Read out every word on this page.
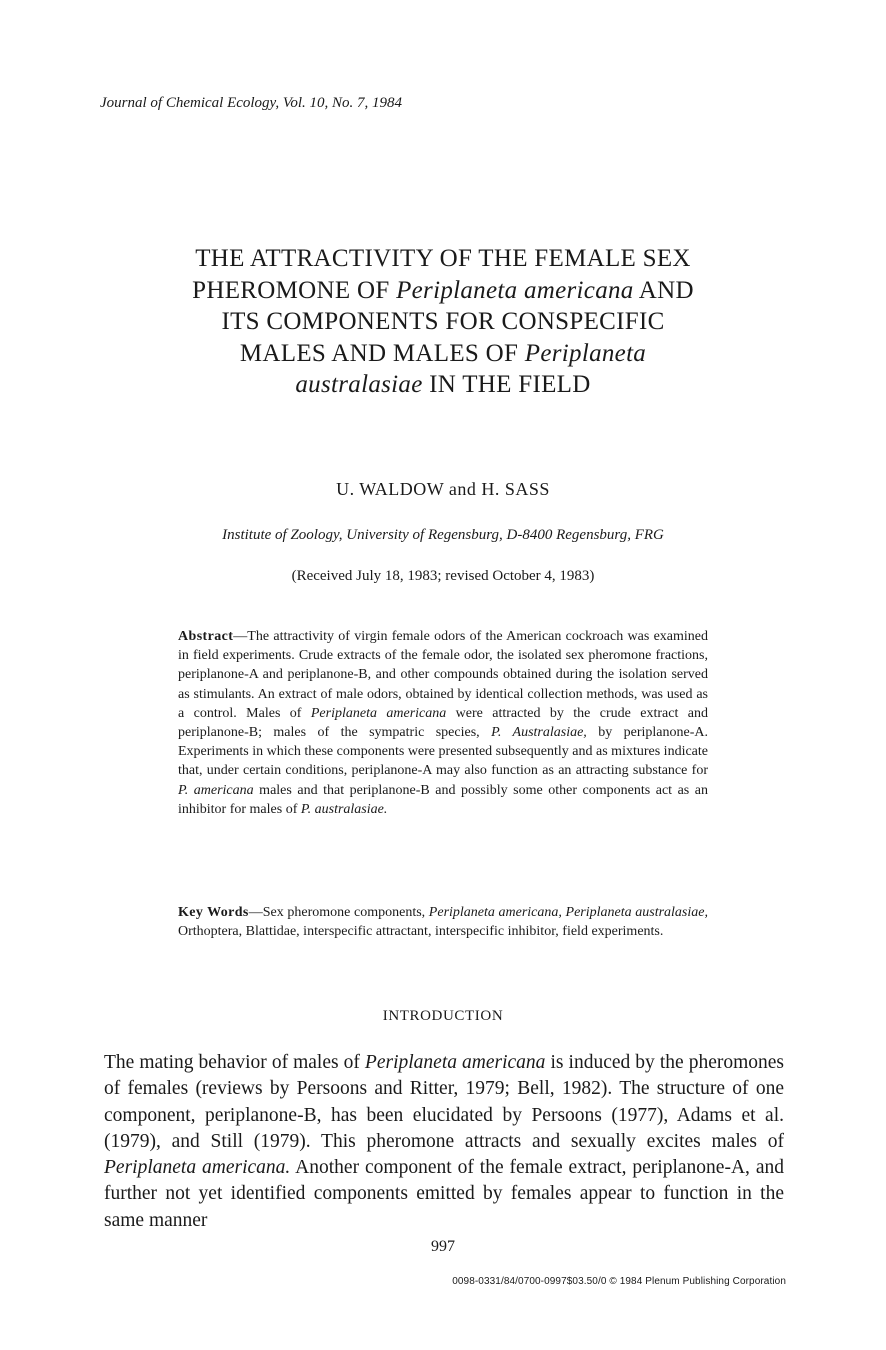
Journal of Chemical Ecology, Vol. 10, No. 7, 1984
THE ATTRACTIVITY OF THE FEMALE SEX
PHEROMONE OF Periplaneta americana AND
ITS COMPONENTS FOR CONSPECIFIC
MALES AND MALES OF Periplaneta
australasiae IN THE FIELD
U. WALDOW and H. SASS
Institute of Zoology, University of Regensburg, D-8400 Regensburg, FRG
(Received July 18, 1983; revised October 4, 1983)

Abstract—The attractivity of virgin female odors of the American cockroach was examined in field experiments. Crude extracts of the female odor, the isolated sex pheromone fractions, periplanone-A and periplanone-B, and other compounds obtained during the isolation served as stimulants. An extract of male odors, obtained by identical collection methods, was used as a control. Males of Periplaneta americana were attracted by the crude extract and periplanone-B; males of the sympatric species, P. Australasiae, by periplanone-A. Experiments in which these components were presented subsequently and as mixtures indicate that, under certain conditions, periplanone-A may also function as an attracting substance for P. americana males and that periplanone-B and possibly some other components act as an inhibitor for males of P. australasiae.

Key Words—Sex pheromone components, Periplaneta americana, Periplaneta australasiae, Orthoptera, Blattidae, interspecific attractant, interspecific inhibitor, field experiments.

INTRODUCTION

The mating behavior of males of Periplaneta americana is induced by the pheromones of females (reviews by Persoons and Ritter, 1979; Bell, 1982). The structure of one component, periplanone-B, has been elucidated by Persoons (1977), Adams et al. (1979), and Still (1979). This pheromone attracts and sexually excites males of Periplaneta americana. Another component of the female extract, periplanone-A, and further not yet identified components emitted by females appear to function in the same manner

997
0098-0331/84/0700-0997$03.50/0 © 1984 Plenum Publishing Corporation
